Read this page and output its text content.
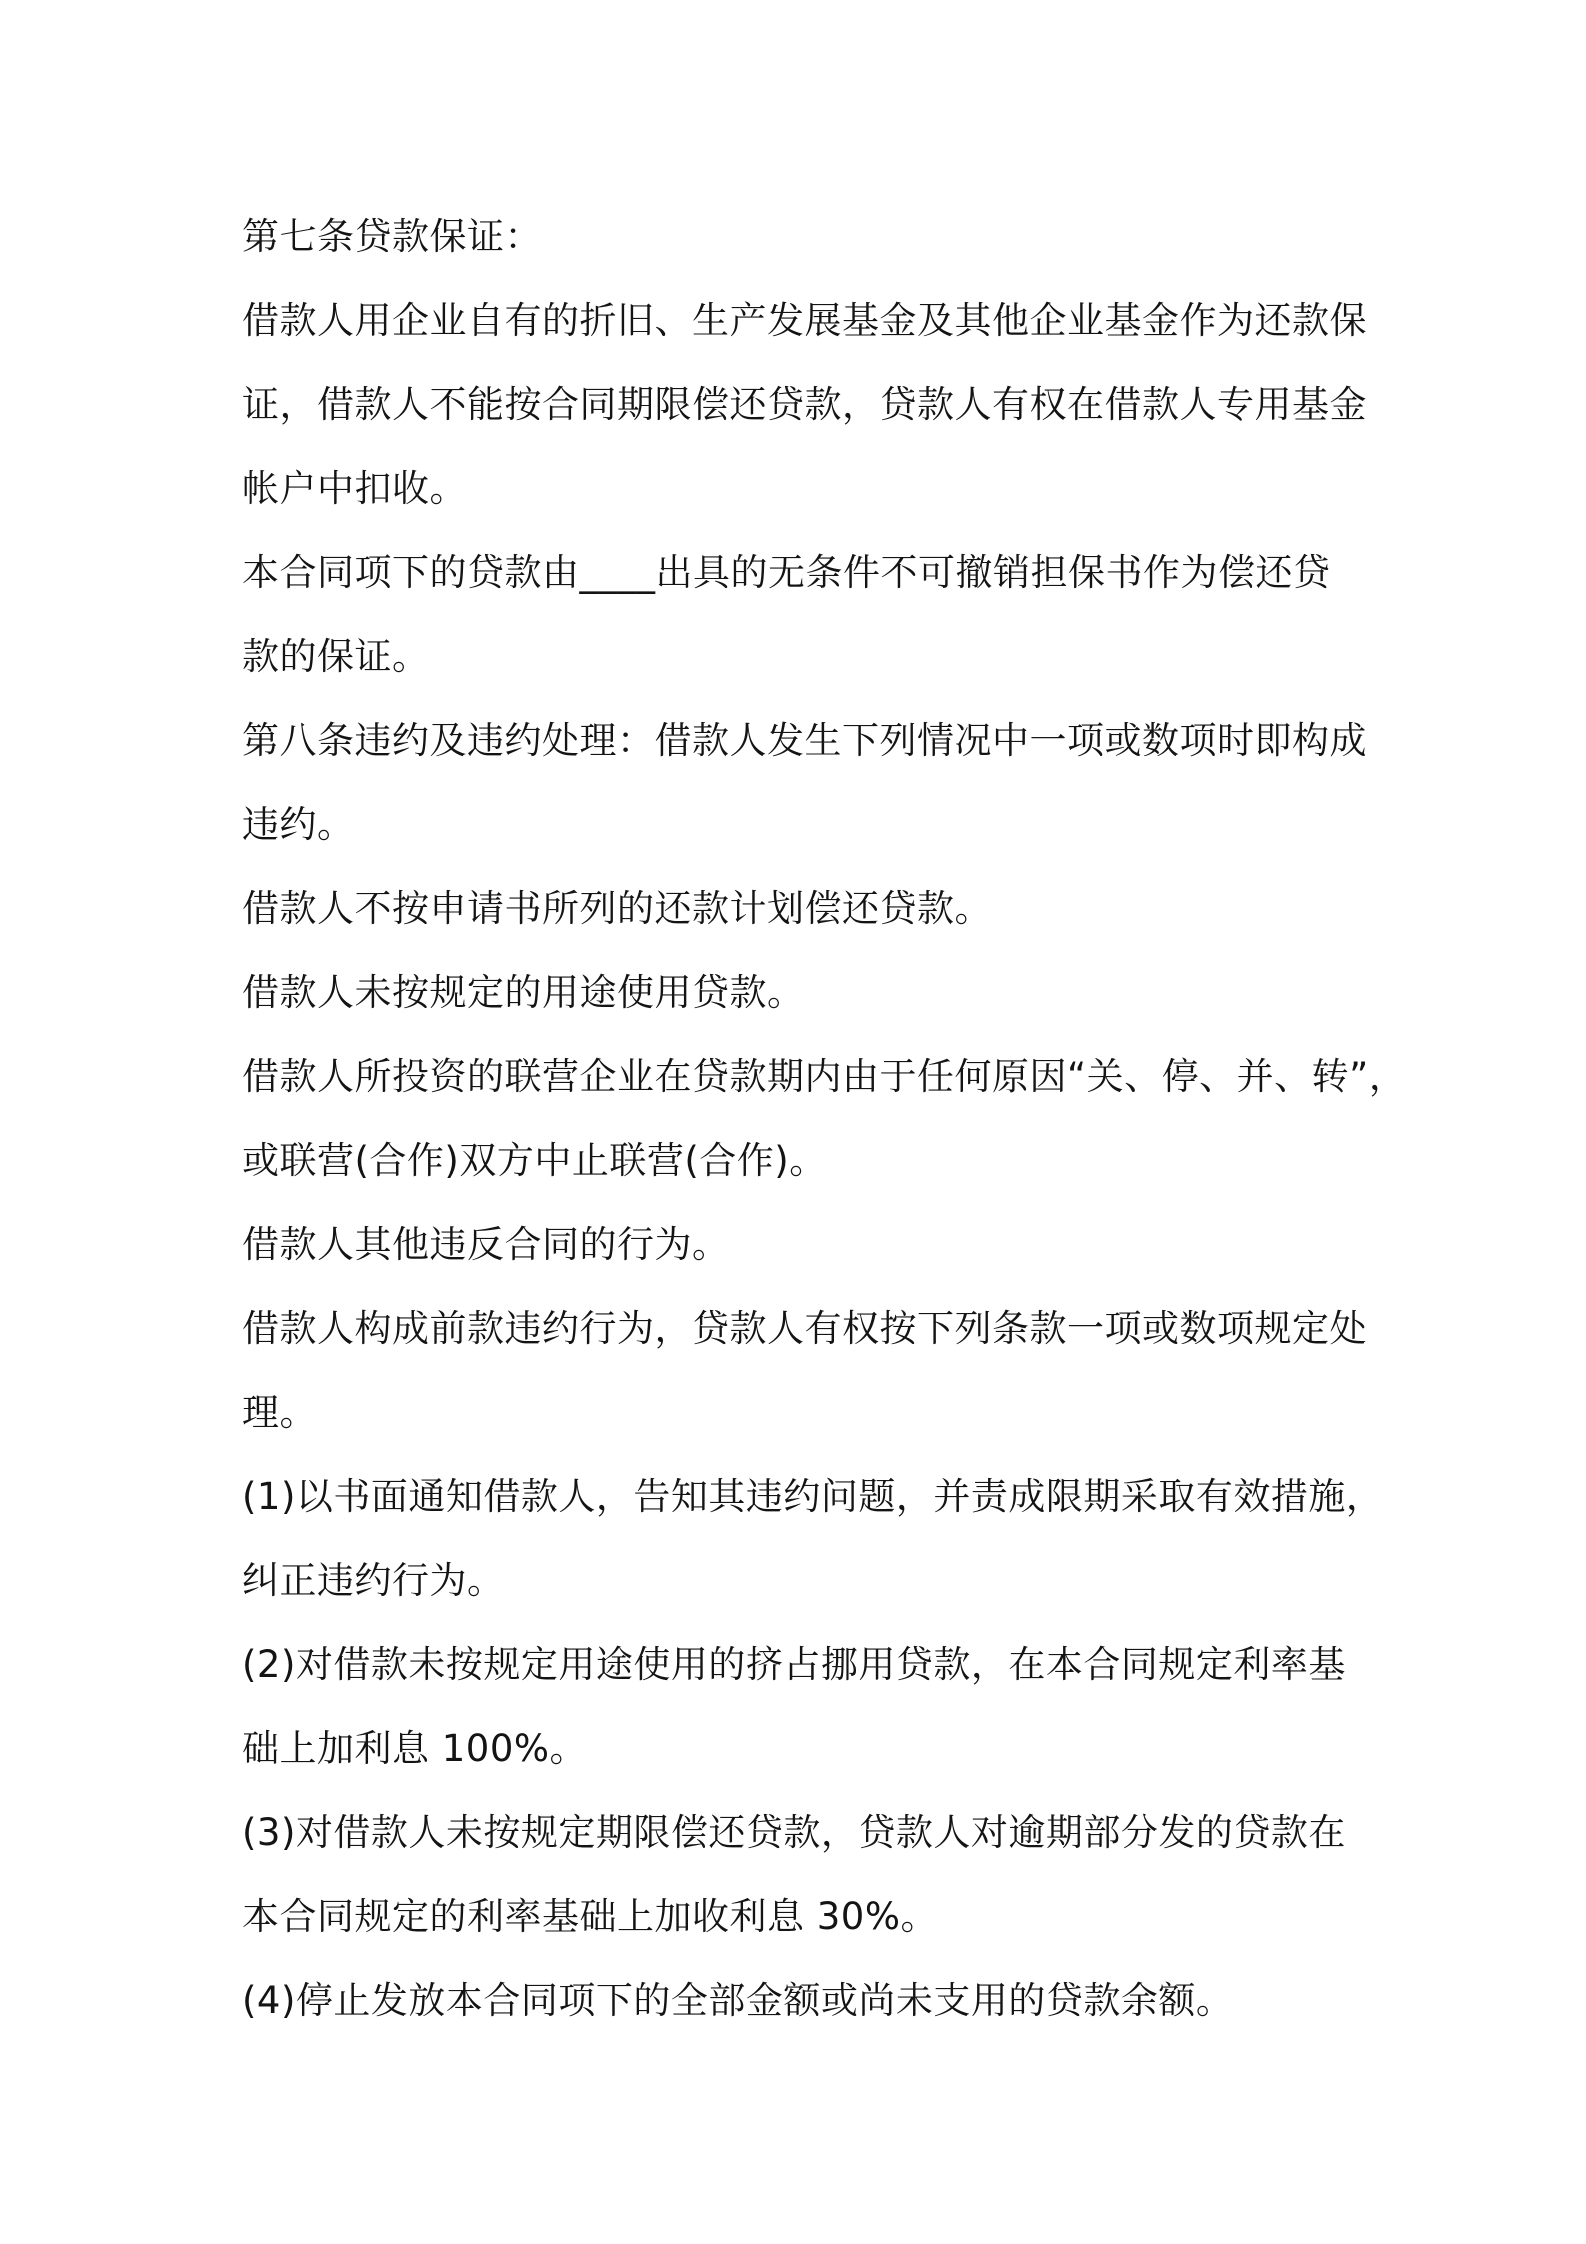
第七条贷款保证：

借款人用企业自有的折旧、生产发展基金及其他企业基金作为还款保

证，借款人不能按合同期限偿还贷款，贷款人有权在借款人专用基金

帐户中扣收。

本合同项下的贷款由____出具的无条件不可撤销担保书作为偿还贷

款的保证。

第八条违约及违约处理：借款人发生下列情况中一项或数项时即构成

违约。

借款人不按申请书所列的还款计划偿还贷款。

借款人未按规定的用途使用贷款。

借款人所投资的联营企业在贷款期内由于任何原因“关、停、并、转”，

或联营(合作)双方中止联营(合作)。

借款人其他违反合同的行为。

借款人构成前款违约行为，贷款人有权按下列条款一项或数项规定处

理。

(1)以书面通知借款人，告知其违约问题，并责成限期采取有效措施，

纠正违约行为。

(2)对借款未按规定用途使用的挤占挪用贷款，在本合同规定利率基

础上加利息 100%。

(3)对借款人未按规定期限偿还贷款，贷款人对逾期部分发的贷款在

本合同规定的利率基础上加收利息 30%。

(4)停止发放本合同项下的全部金额或尚未支用的贷款余额。
